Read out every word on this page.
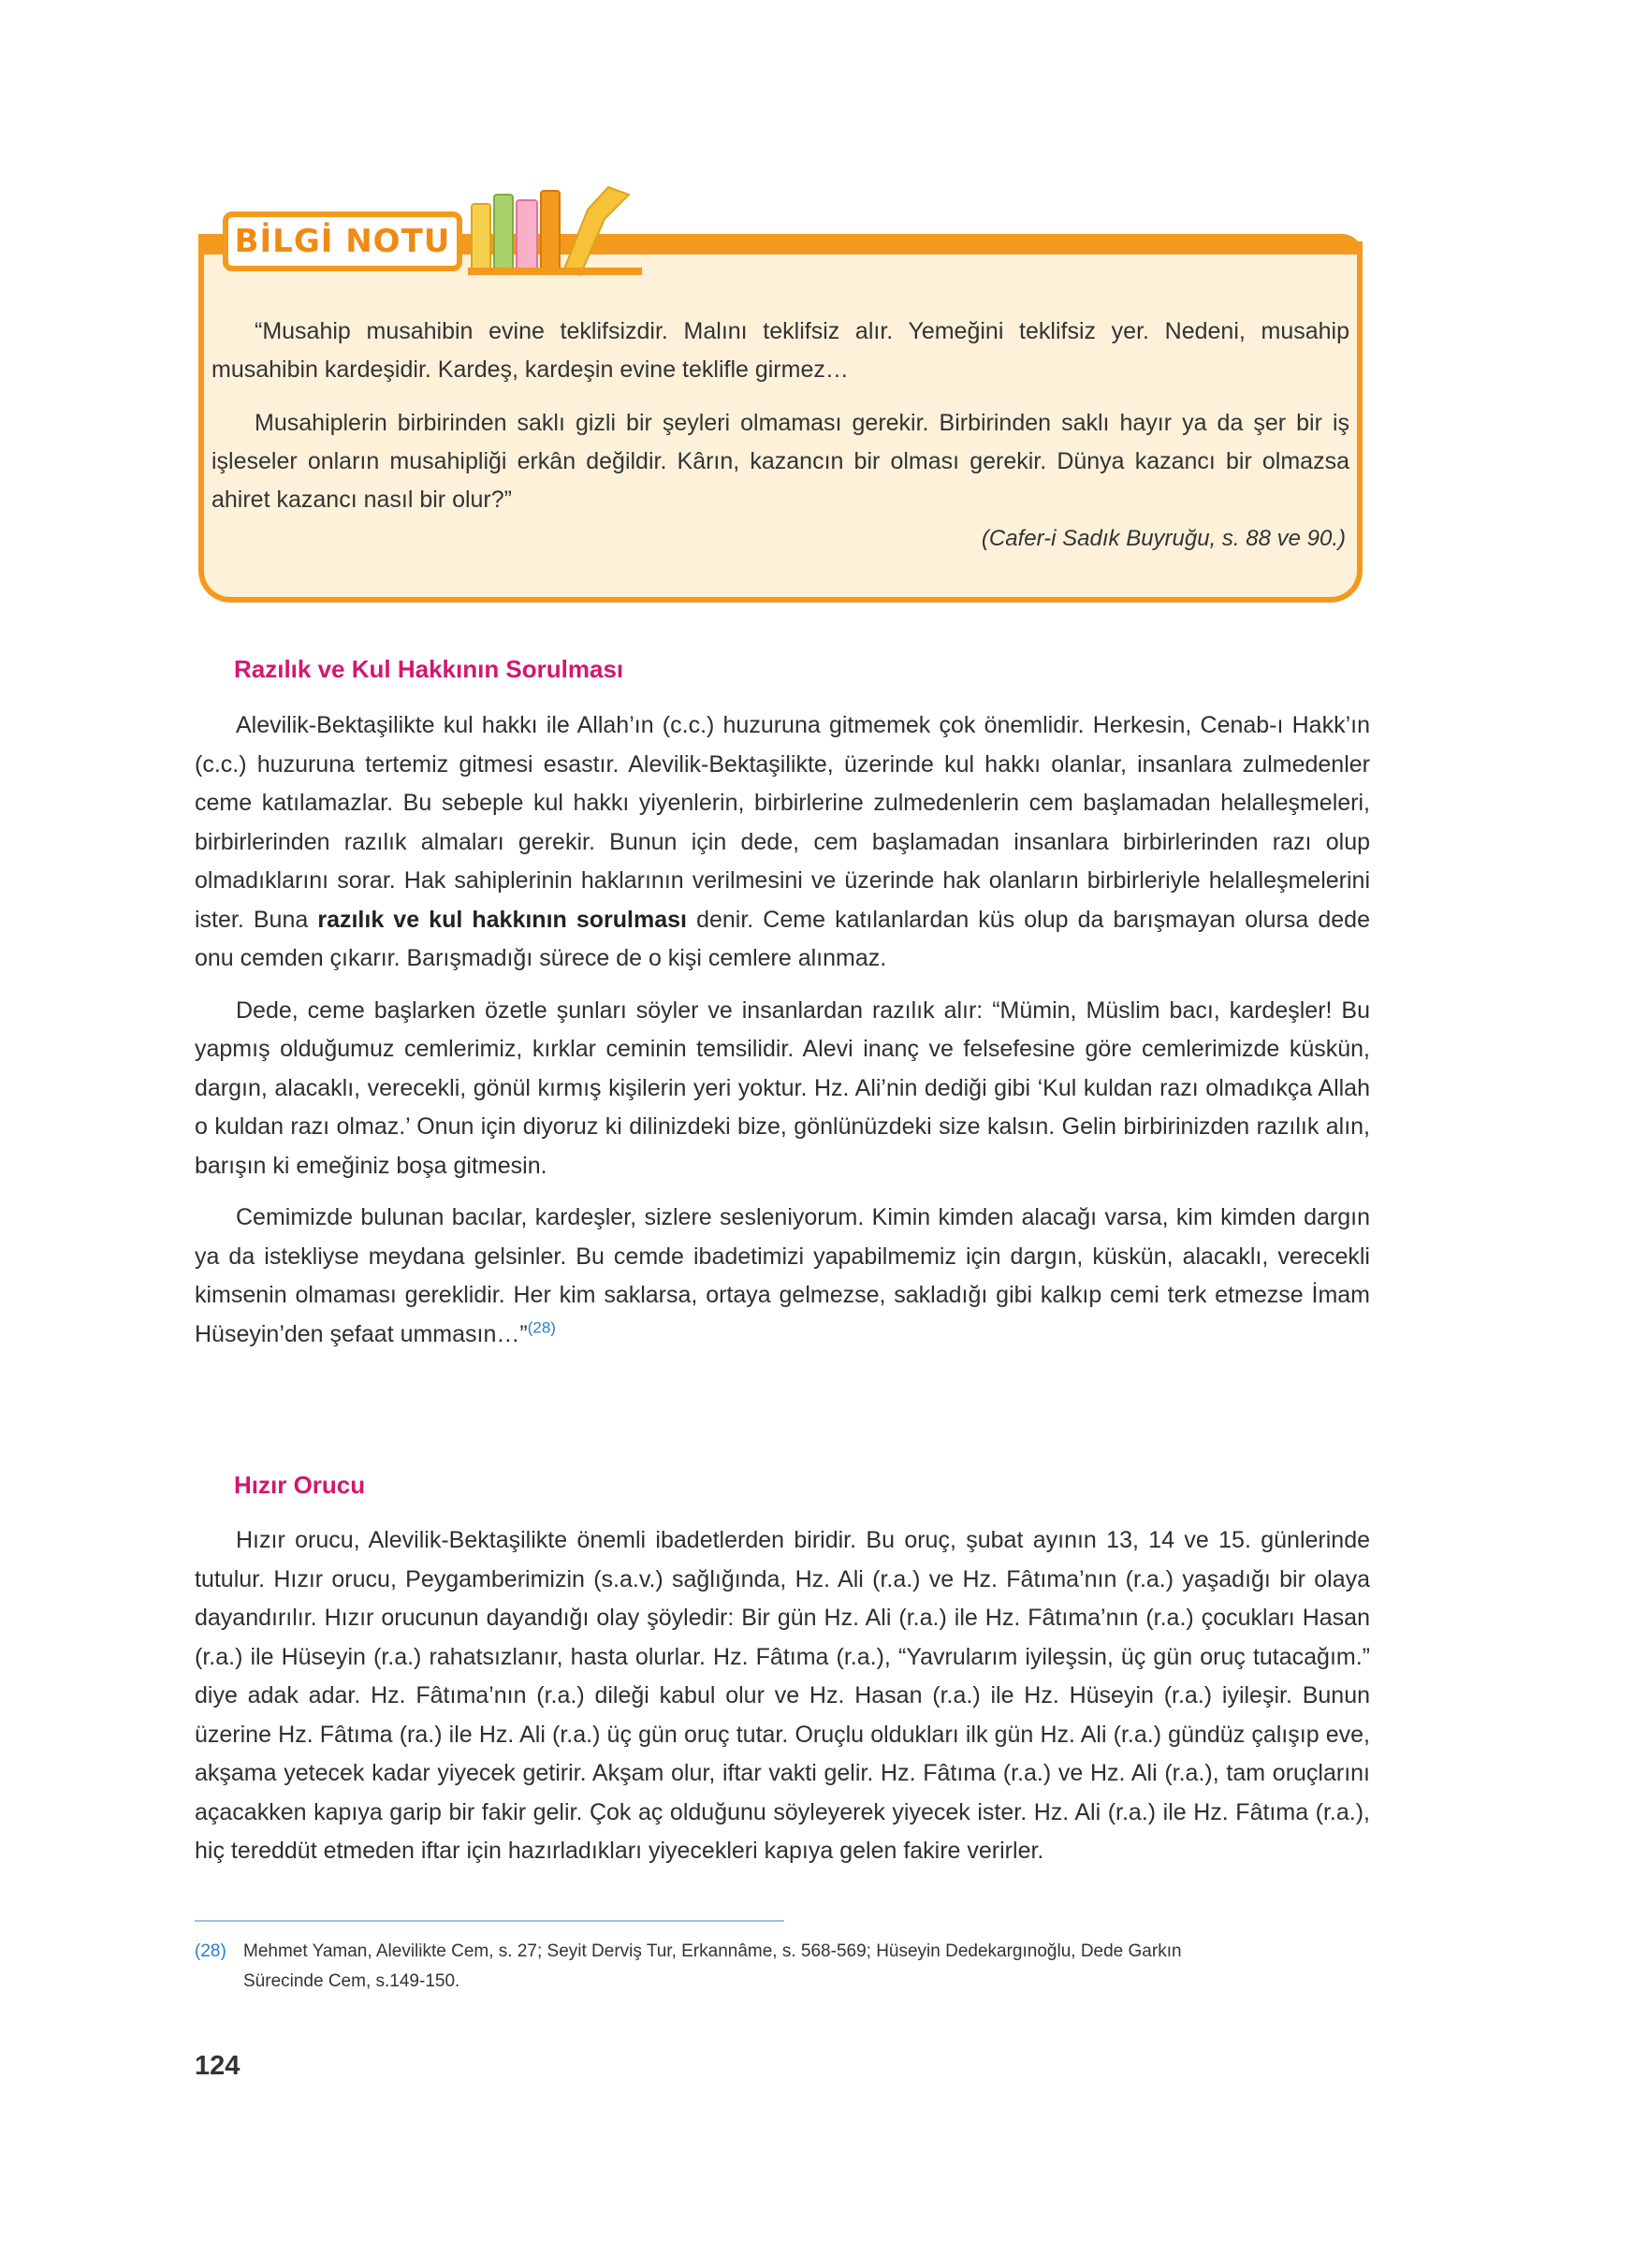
BİLGİ NOTU

“Musahip musahibin evine teklifsizdir. Malını teklifsiz alır. Yemeğini teklifsiz yer. Nedeni, musahip musahibin kardeşidir. Kardeş, kardeşin evine teklifle girmez…

Musahiplerin birbirinden saklı gizli bir şeyleri olmaması gerekir. Birbirinden saklı hayır ya da şer bir iş işleseler onların musahipliği erkân değildir. Kârın, kazancın bir olması gerekir. Dünya kazancı bir olmazsa ahiret kazancı nasıl bir olur?”

(Cafer-i Sadık Buyruğu, s. 88 ve 90.)
Razılık ve Kul Hakkının Sorulması

Alevilik-Bektaşilikte kul hakkı ile Allah’ın (c.c.) huzuruna gitmemek çok önemlidir. Herkesin, Cenab-ı Hakk’ın (c.c.) huzuruna tertemiz gitmesi esastır. Alevilik-Bektaşilikte, üzerinde kul hakkı olanlar, insanlara zulmedenler ceme katılamazlar. Bu sebeple kul hakkı yiyenlerin, birbirlerine zulmedenlerin cem başlamadan helalleşmeleri, birbirlerinden razılık almaları gerekir. Bunun için dede, cem başlamadan insanlara birbirlerinden razı olup olmadıklarını sorar. Hak sahiplerinin haklarının verilmesini ve üzerinde hak olanların birbirleriyle helalleşmelerini ister. Buna razılık ve kul hakkının sorulması denir. Ceme katılanlardan küs olup da barışmayan olursa dede onu cemden çıkarır. Barışmadığı sürece de o kişi cemlere alınmaz.

Dede, ceme başlarken özetle şunları söyler ve insanlardan razılık alır: “Mümin, Müslim bacı, kardeşler! Bu yapmış olduğumuz cemlerimiz, kırklar ceminin temsilidir. Alevi inanç ve felsefesine göre cemlerimizde küskün, dargın, alacaklı, verecekli, gönül kırmış kişilerin yeri yoktur. Hz. Ali’nin dediği gibi ‘Kul kuldan razı olmadıkça Allah o kuldan razı olmaz.’ Onun için diyoruz ki dilinizdeki bize, gönlünüzdeki size kalsın. Gelin birbirinizden razılık alın, barışın ki emeğiniz boşa gitmesin.

Cemimizde bulunan bacılar, kardeşler, sizlere sesleniyorum. Kimin kimden alacağı varsa, kim kimden dargın ya da istekliyse meydana gelsinler. Bu cemde ibadetimizi yapabilmemiz için dargın, küskün, alacaklı, verecekli kimsenin olmaması gereklidir. Her kim saklarsa, ortaya gelmezse, sakladığı gibi kalkıp cemi terk etmezse İmam Hüseyin’den şefaat ummasın…”$^{(28)}$

Hızır Orucu

Hızır orucu, Alevilik-Bektaşilikte önemli ibadetlerden biridir. Bu oruç, şubat ayının 13, 14 ve 15. günlerinde tutulur. Hızır orucu, Peygamberimizin (s.a.v.) sağlığında, Hz. Ali (r.a.) ve Hz. Fâtıma’nın (r.a.) yaşadığı bir olaya dayandırılır. Hızır orucunun dayandığı olay şöyledir: Bir gün Hz. Ali (r.a.) ile Hz. Fâtıma’nın (r.a.) çocukları Hasan (r.a.) ile Hüseyin (r.a.) rahatsızlanır, hasta olurlar. Hz. Fâtıma (r.a.), “Yavrularım iyileşsin, üç gün oruç tutacağım.” diye adak adar. Hz. Fâtıma’nın (r.a.) dileği kabul olur ve Hz. Hasan (r.a.) ile Hz. Hüseyin (r.a.) iyileşir. Bunun üzerine Hz. Fâtıma (ra.) ile Hz. Ali (r.a.) üç gün oruç tutar. Oruçlu oldukları ilk gün Hz. Ali (r.a.) gündüz çalışıp eve, akşama yetecek kadar yiyecek getirir. Akşam olur, iftar vakti gelir. Hz. Fâtıma (r.a.) ve Hz. Ali (r.a.), tam oruçlarını açacakken kapıya garip bir fakir gelir. Çok aç olduğunu söyleyerek yiyecek ister. Hz. Ali (r.a.) ile Hz. Fâtıma (r.a.), hiç tereddüt etmeden iftar için hazırladıkları yiyecekleri kapıya gelen fakire verirler.

(28) Mehmet Yaman, Alevilikte Cem, s. 27; Seyit Derviş Tur, Erkannâme, s. 568-569; Hüseyin Dedekargınoğlu, Dede Garkın
Sürecinde Cem, s.149-150.
124
